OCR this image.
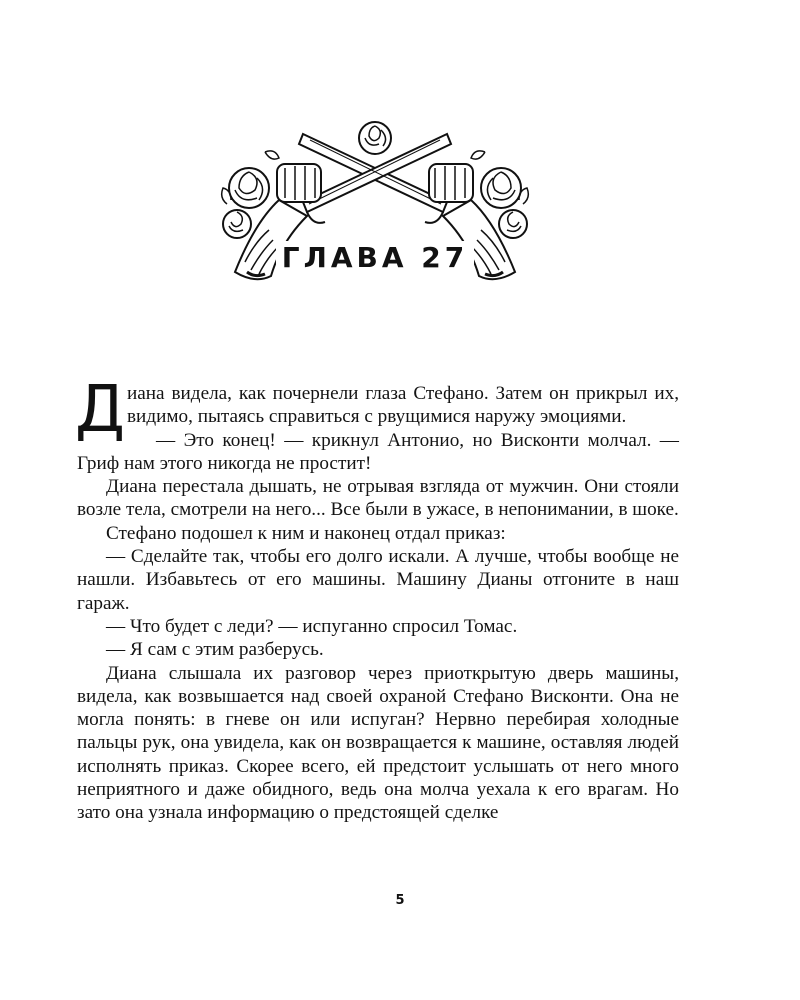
ГЛАВА 27

Диана видела, как почернели глаза Стефано. Затем он прикрыл их, видимо, пытаясь справиться с рвущимися наружу эмоциями.

— Это конец! — крикнул Антонио, но Висконти молчал. — Гриф нам этого никогда не простит!

Диана перестала дышать, не отрывая взгляда от мужчин. Они стояли возле тела, смотрели на него... Все были в ужасе, в непонимании, в шоке.

Стефано подошел к ним и наконец отдал приказ:

— Сделайте так, чтобы его долго искали. А лучше, чтобы вообще не нашли. Избавьтесь от его машины. Машину Дианы отгоните в наш гараж.

— Что будет с леди? — испуганно спросил Томас.

— Я сам с этим разберусь.

Диана слышала их разговор через приоткрытую дверь машины, видела, как возвышается над своей охраной Стефано Висконти. Она не могла понять: в гневе он или испуган? Нервно перебирая холодные пальцы рук, она увидела, как он возвращается к машине, оставляя людей исполнять приказ. Скорее всего, ей предстоит услышать от него много неприятного и даже обидного, ведь она молча уехала к его врагам. Но зато она узнала информацию о предстоящей сделке

5
